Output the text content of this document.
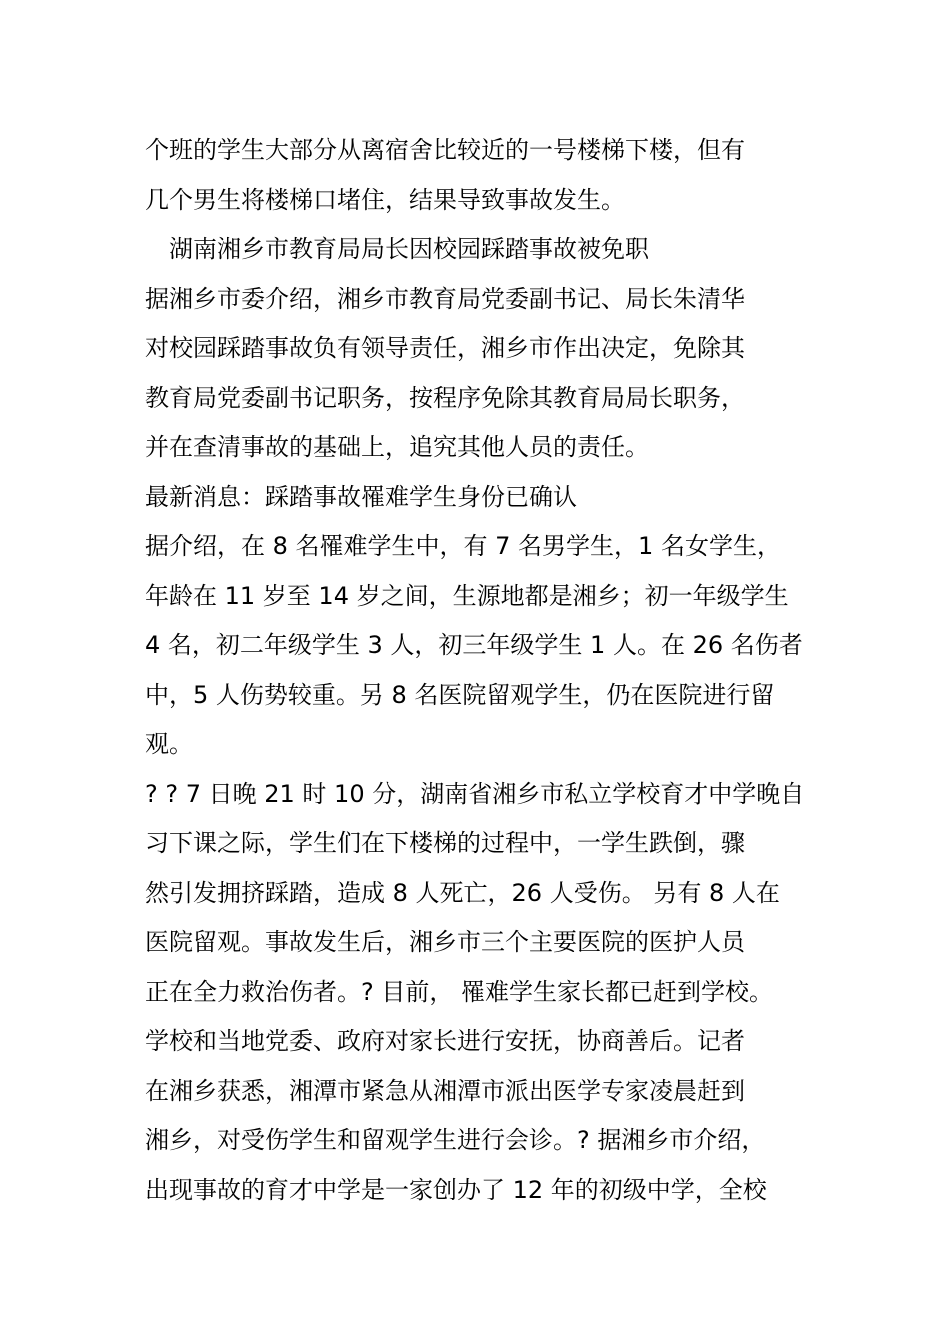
个班的学生大部分从离宿舍比较近的一号楼梯下楼，但有
几个男生将楼梯口堵住，结果导致事故发生。
湖南湘乡市教育局局长因校园踩踏事故被免职
据湘乡市委介绍，湘乡市教育局党委副书记、局长朱清华
对校园踩踏事故负有领导责任，湘乡市作出决定，免除其
教育局党委副书记职务，按程序免除其教育局局长职务，
并在查清事故的基础上，追究其他人员的责任。
最新消息：踩踏事故罹难学生身份已确认
据介绍，在 8 名罹难学生中，有 7 名男学生，1 名女学生，
年龄在 11 岁至 14 岁之间，生源地都是湘乡；初一年级学生
4 名，初二年级学生 3 人，初三年级学生 1 人。在 26 名伤者
中，5 人伤势较重。另 8 名医院留观学生，仍在医院进行留
观。
? ? 7 日晚 21 时 10 分，湖南省湘乡市私立学校育才中学晚自
习下课之际，学生们在下楼梯的过程中，一学生跌倒，骤
然引发拥挤踩踏，造成 8 人死亡，26 人受伤。 另有 8 人在
医院留观。事故发生后，湘乡市三个主要医院的医护人员
正在全力救治伤者。? 目前， 罹难学生家长都已赶到学校。
学校和当地党委、政府对家长进行安抚，协商善后。记者
在湘乡获悉，湘潭市紧急从湘潭市派出医学专家凌晨赶到
湘乡，对受伤学生和留观学生进行会诊。? 据湘乡市介绍，
出现事故的育才中学是一家创办了 12 年的初级中学，全校
